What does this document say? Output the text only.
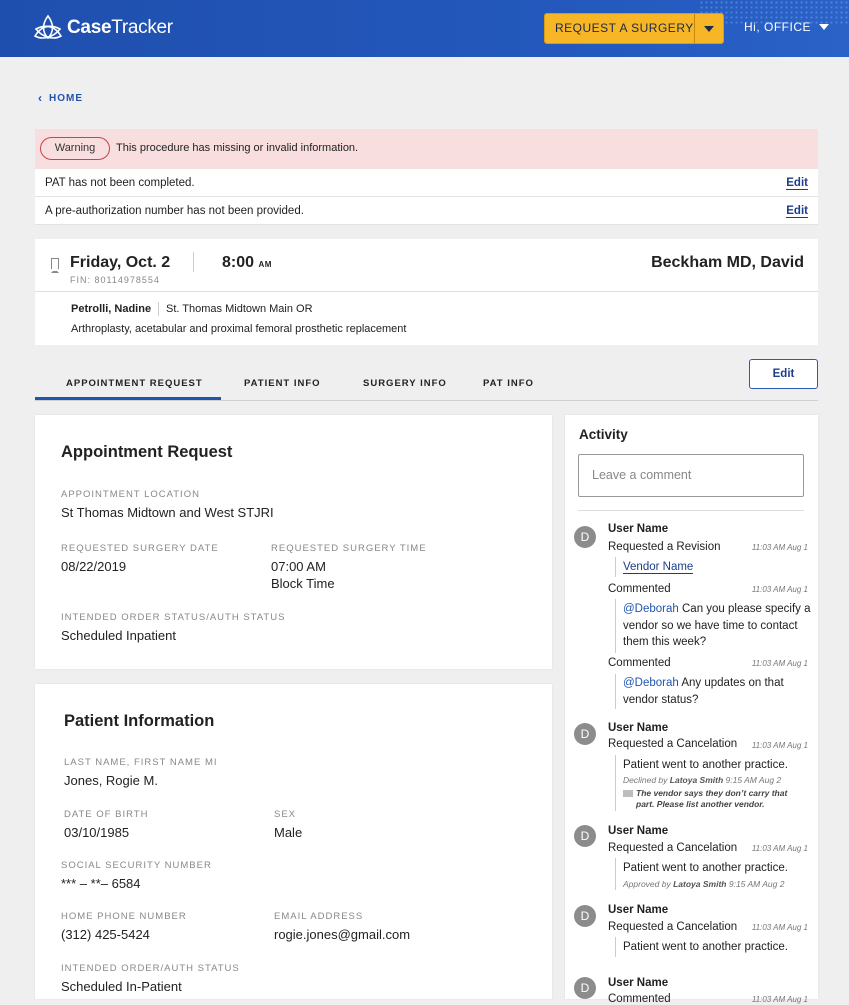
CaseTracker	REQUEST A SURGERY	Hi, OFFICE
‹ HOME
Warning	This procedure has missing or invalid information.
PAT has not been completed.	Edit
A pre-authorization number has not been provided.	Edit
Friday, Oct. 2
FIN: 80114978554
8:00 AM	Beckham MD, David
Petrolli, Nadine St. Thomas Midtown Main OR
Arthroplasty, acetabular and proximal femoral prosthetic replacement
APPOINTMENT REQUEST	PATIENT INFO	SURGERY INFO	PAT INFO
Edit
Appointment Request
APPOINTMENT LOCATION
St Thomas Midtown and West STJRI
REQUESTED SURGERY DATE
08/22/2019
REQUESTED SURGERY TIME
07:00 AM
Block Time
INTENDED ORDER STATUS/AUTH STATUS
Scheduled Inpatient
Patient Information
LAST NAME, FIRST NAME MI
Jones, Rogie M.
DATE OF BIRTH
03/10/1985
SEX
Male
SOCIAL SECURITY NUMBER
*** – **– 6584
HOME PHONE NUMBER
(312) 425-5424
EMAIL ADDRESS
rogie.jones@gmail.com
INTENDED ORDER/AUTH STATUS
Scheduled In-Patient
Activity
Leave a comment
D
User Name
Requested a Revision	11:03 AM Aug 1
Vendor Name
Commented	11:03 AM Aug 1
@Deborah Can you please specify a
vendor so we have time to contact
them this week?
Commented	11:03 AM Aug 1
@Deborah Any updates on that
vendor status?
D	User Name
Requested a Cancelation 11:03 AM Aug 1
Patient went to another practice.
Declined by Latoya Smith 9:15 AM Aug 2
The vendor says they don’t carry that
part. Please list another vendor.
D	User Name
Requested a Cancelation 11:03 AM Aug 1
Patient went to another practice.
Approved by Latoya Smith 9:15 AM Aug 2
D	User Name
Requested a Cancelation 11:03 AM Aug 1
Patient went to another practice.
D	User Name
Commented	11:03 AM Aug 1
